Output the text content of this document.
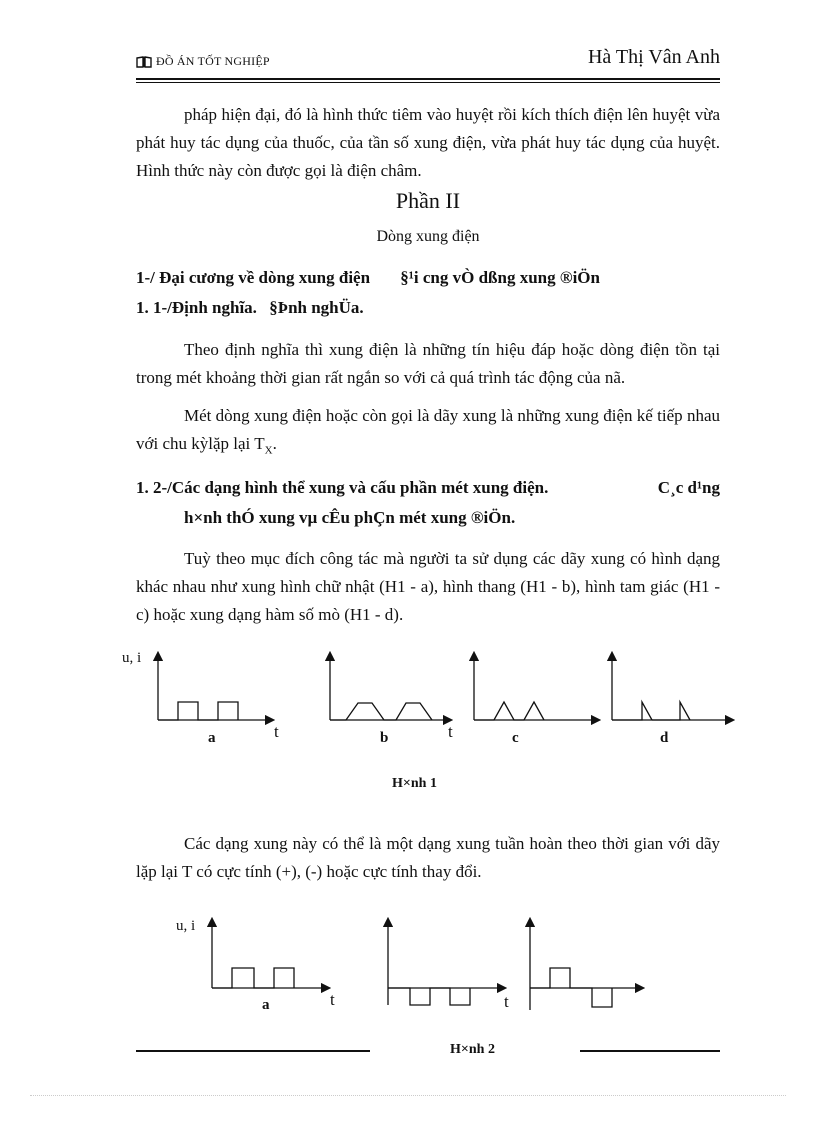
ĐỒ ÁN TỐT NGHIỆP	Hà Thị Vân Anh
pháp hiện đại, đó là hình thức tiêm vào huyệt rồi kích thích điện lên huyệt vừa phát huy tác dụng của thuốc, của tần số xung điện, vừa phát huy tác dụng của huyệt. Hình thức này còn được gọi là điện châm.
Phần II
Dòng xung điện
1-/ Đại cương về dòng xung điện §¹i cng vÒ dßng xung ®iÖn
1. 1-/Định nghĩa. §Þnh nghÜa.
Theo định nghĩa thì xung điện là những tín hiệu đáp hoặc dòng điện tồn tại trong mét khoảng thời gian rất ngắn so với cả quá trình tác động của nã.
Mét dòng xung điện hoặc còn gọi là dãy xung là những xung điện kế tiếp nhau với chu kỳlặp lại $T_X$.
1. 2-/Các dạng hình thể xung và cấu phần mét xung điện.	C¸c d¹ng
h×nh thÓ xung vµ cÊu phÇn mét xung ®iÖn.
Tuỳ theo mục đích công tác mà người ta sử dụng các dãy xung có hình dạng khác nhau như xung hình chữ nhật (H1 - a), hình thang (H1 - b), hình tam giác (H1 - c) hoặc xung dạng hàm số mò (H1 - d).
u, i
t	t
a	b	c	d
H×nh 1
Các dạng xung này có thể là một dạng xung tuần hoàn theo thời gian với dãy lặp lại T có cực tính (+), (-) hoặc cực tính thay đổi.
u, i
t	t
a
H×nh 2
